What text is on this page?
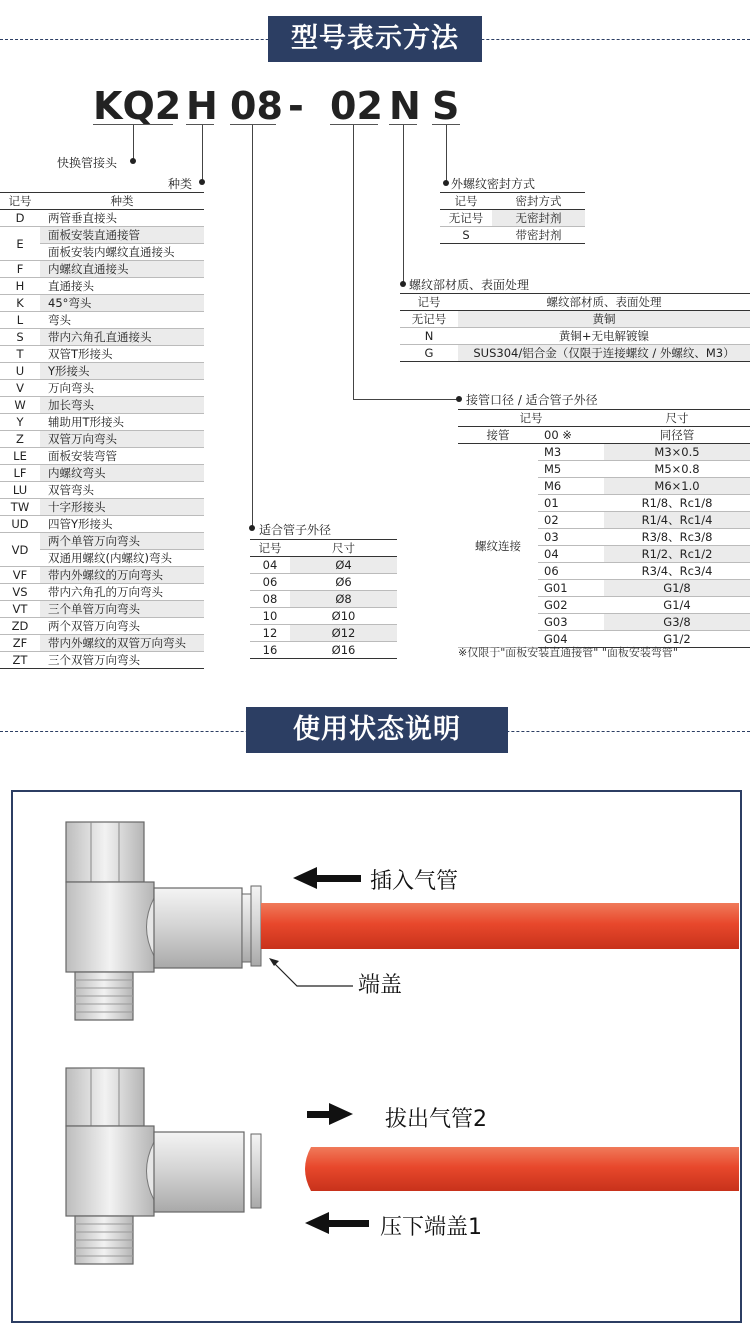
型号表示方法
KQ2 H 08 - 02 N S
快换管接头
种类
适合管子外径
接管口径 / 适合管子外径
螺纹部材质、表面处理
外螺纹密封方式
记号	种类
D	两管垂直接头
E	面板安装直通接管
	面板安装内螺纹直通接头
F	内螺纹直通接头
H	直通接头
K	45°弯头
L	弯头
S	带内六角孔直通接头
T	双管T形接头
U	Y形接头
V	万向弯头
W	加长弯头
Y	辅助用T形接头
Z	双管万向弯头
LE	面板安装弯管
LF	内螺纹弯头
LU	双管弯头
TW	十字形接头
UD	四管Y形接头
VD	两个单管万向弯头
	双通用螺纹(内螺纹)弯头
VF	带内外螺纹的万向弯头
VS	带内六角孔的万向弯头
VT	三个单管万向弯头
ZD	两个双管万向弯头
ZF	带内外螺纹的双管万向弯头
ZT	三个双管万向弯头
记号	尺寸
04	Ø4
06	Ø6
08	Ø8
10	Ø10
12	Ø12
16	Ø16
记号	密封方式
无记号	无密封剂
S	带密封剂
记号	螺纹部材质、表面处理
无记号	黄铜
N	黄铜+无电解镀镍
G	SUS304/铝合金（仅限于连接螺纹 / 外螺纹、M3）
记号		尺寸
接管	00 ※	同径管
螺纹连接	M3	M3×0.5
	M5	M5×0.8
	M6	M6×1.0
	01	R1/8、Rc1/8
	02	R1/4、Rc1/4
	03	R3/8、Rc3/8
	04	R1/2、Rc1/2
	06	R3/4、Rc3/4
	G01	G1/8
	G02	G1/4
	G03	G3/8
	G04	G1/2
※仅限于"面板安装直通接管" "面板安装弯管"
使用状态说明
插入气管
端盖
拔出气管2
压下端盖1
